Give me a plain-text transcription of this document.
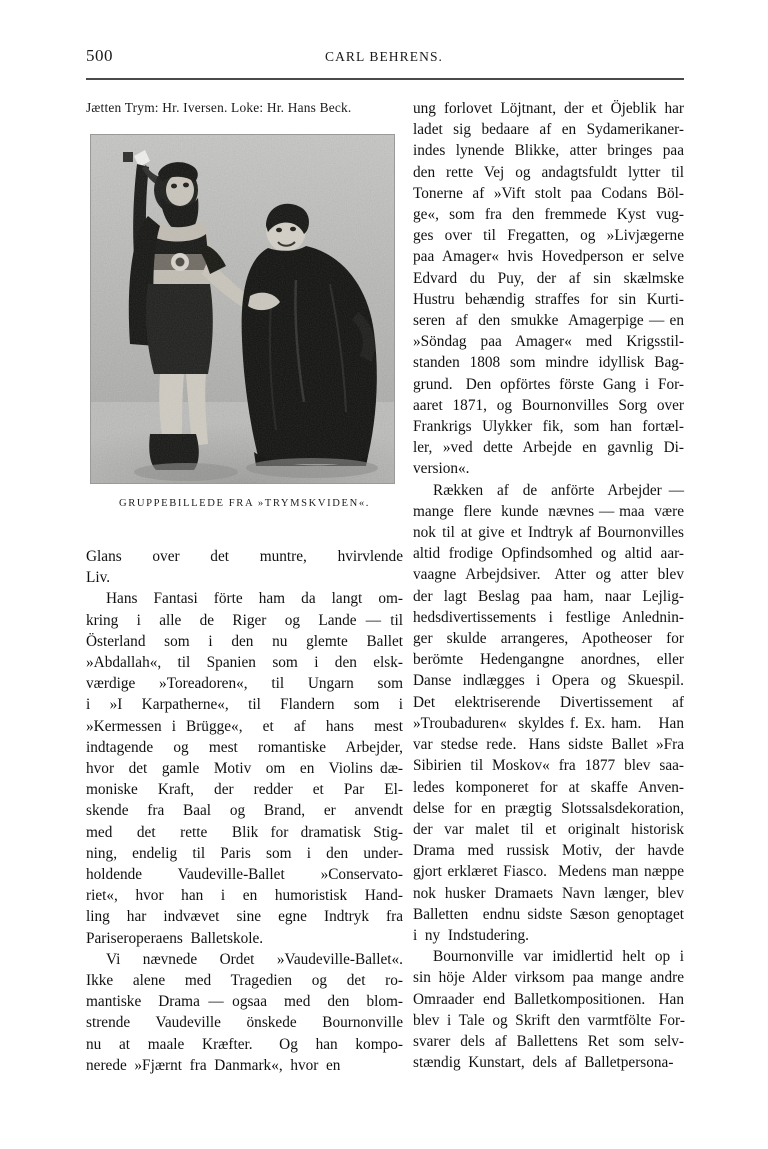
500	CARL BEHRENS.
Jætten Trym: Hr. Iversen. Loke: Hr. Hans Beck.
GRUPPEBILLEDE FRA »TRYMSKVIDEN«.

Glans  over  det  muntre,  hvirvlende
Liv.

Hans Fantasi förte ham da langt om-
kring  i  alle  de  Riger  og  Lande — til
Österland  som  i  den  nu  glemte  Ballet
»Abdallah«,  til  Spanien  som  i  den  elsk-
værdige  »Toreadoren«,  til  Ungarn  som
i  »I  Karpatherne«,  til  Flandern  som  i
»Kermessen i Brügge«,  et  af  hans  mest
indtagende og mest romantiske Arbejder,
hvor  det  gamle  Motiv  om  en  Violins dæ-
moniske  Kraft,  der  redder  et  Par  El-
skende  fra  Baal  og  Brand,  er  anvendt
med  det  rette  Blik for dramatisk Stig-
ning,  endelig  til  Paris  som  i  den  under-
holdende  Vaudeville-Ballet  »Conservato-
riet«,  hvor  han  i  en  humoristisk  Hand-
ling  har  indvævet  sine  egne  Indtryk  fra
Pariseroperaens  Balletskole.

Vi nævnede Ordet »Vaudeville-Ballet«.
Ikke  alene  med  Tragedien  og  det  ro-
mantiske  Drama — ogsaa  med  den  blom-
strende  Vaudeville  önskede  Bournonville
nu  at  maale  Kræfter.   Og  han  kompo-
nerede  »Fjærnt  fra  Danmark«,  hvor  en

ung  forlovet  Löjtnant,  der  et  Öjeblik  har
ladet  sig  bedaare  af  en  Sydamerikaner-
indes  lynende  Blikke,  atter  bringes  paa
den  rette  Vej  og  andagtsfuldt  lytter  til
Tonerne  af  »Vift  stolt  paa  Codans  Böl-
ge«,  som  fra  den  fremmede  Kyst  vug-
ges  over  til  Fregatten,  og  »Livjægerne
paa  Amager«  hvis  Hovedperson  er  selve
Edvard  du  Puy,  der  af  sin  skælmske
Hustru  behændig  straffes  for  sin  Kurti-
seren  af  den  smukke  Amagerpige — en
»Söndag  paa  Amager«  med  Krigsstil-
standen  1808  som  mindre  idyllisk  Bag-
grund.   Den  opförtes  förste  Gang  i  For-
aaret  1871,  og  Bournonvilles  Sorg  over
Frankrigs  Ulykker  fik,  som  han  fortæl-
ler,  »ved  dette  Arbejde  en  gavnlig  Di-
version«.

Rækken  af  de  anförte  Arbejder —
mange  flere  kunde  nævnes — maa  være
nok til at give et Indtryk af Bournonvilles
altid  frodige  Opfindsomhed  og  altid  aar-
vaagne  Arbejdsiver.   Atter  og  atter  blev
der  lagt  Beslag  paa  ham,  naar  Lejlig-
hedsdivertissements  i  festlige  Anlednin-
ger  skulde  arrangeres,  Apotheoser  for
berömte  Hedengangne  anordnes,  eller
Danse  indlægges  i  Opera  og  Skuespil.
Det  elektriserende  Divertissement  af
»Troubaduren«  skyldes f. Ex. ham.   Han
var  stedse  rede.   Hans  sidste  Ballet  »Fra
Sibirien  til  Moskov«  fra  1877  blev  saa-
ledes  komponeret  for  at  skaffe  Anven-
delse  for  en  prægtig  Slotssalsdekoration,
der  var  malet  til  et  originalt  historisk
Drama  med  russisk  Motiv,  der  havde
gjort erklæret Fiasco.  Medens man næppe
nok  husker  Dramaets  Navn  længer,  blev
Balletten  endnu sidste Sæson genoptaget
i  ny  Indstudering.

Bournonville  var  imidlertid  helt  op  i
sin  höje  Alder  virksom  paa  mange  andre
Omraader  end  Balletkompositionen.   Han
blev  i  Tale  og  Skrift  den  varmtfölte  For-
svarer  dels  af  Ballettens  Ret  som  selv-
stændig  Kunstart,  dels  af  Balletpersona-
